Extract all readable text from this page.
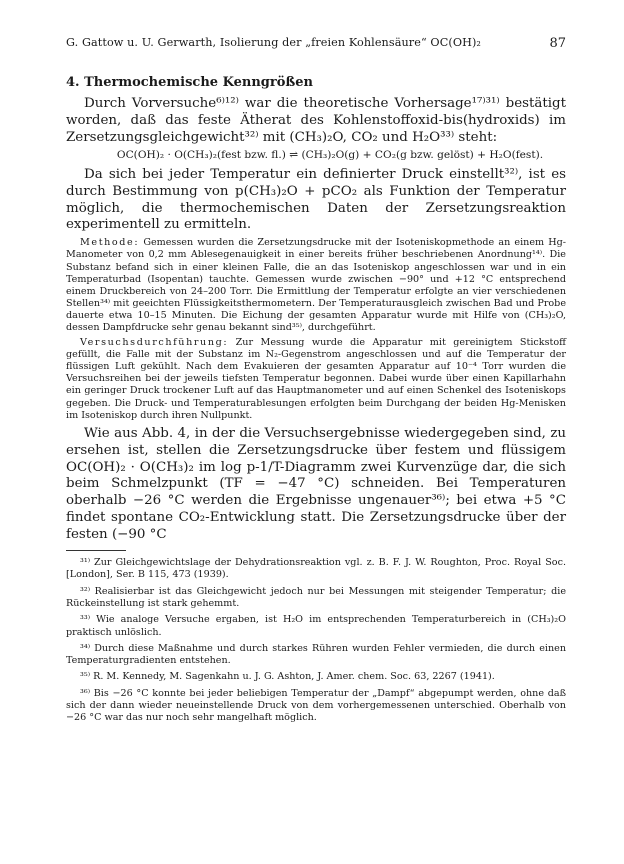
G. Gattow u. U. Gerwarth, Isolierung der „freien Kohlensäure“ OC(OH)₂	87
4. Thermochemische Kenngrößen

Durch Vorversuche⁶⁾¹²⁾ war die theoretische Vorhersage¹⁷⁾³¹⁾ bestätigt worden, daß das feste Ätherat des Kohlenstoffoxid-bis(hydroxids) im Zersetzungsgleichgewicht³²⁾ mit (CH₃)₂O, CO₂ und H₂O³³⁾ steht:

OC(OH)₂ · O(CH₃)₂(fest bzw. fl.) ⇌ (CH₃)₂O(g) + CO₂(g bzw. gelöst) + H₂O(fest).

Da sich bei jeder Temperatur ein definierter Druck einstellt³²⁾, ist es durch Bestimmung von p(CH₃)₂O + pCO₂ als Funktion der Temperatur möglich, die thermochemischen Daten der Zersetzungsreaktion experimentell zu ermitteln.

Methode: Gemessen wurden die Zersetzungsdrucke mit der Isoteniskopmethode an einem Hg-Manometer von 0,2 mm Ablesegenauigkeit in einer bereits früher beschriebenen Anordnung¹⁴⁾. Die Substanz befand sich in einer kleinen Falle, die an das Isoteniskop angeschlossen war und in ein Temperaturbad (Isopentan) tauchte. Gemessen wurde zwischen −90° und +12 °C entsprechend einem Druckbereich von 24–200 Torr. Die Ermittlung der Temperatur erfolgte an vier verschiedenen Stellen³⁴⁾ mit geeichten Flüssigkeitsthermometern. Der Temperaturausgleich zwischen Bad und Probe dauerte etwa 10–15 Minuten. Die Eichung der gesamten Apparatur wurde mit Hilfe von (CH₃)₂O, dessen Dampfdrucke sehr genau bekannt sind³⁵⁾, durchgeführt.

Versuchsdurchführung: Zur Messung wurde die Apparatur mit gereinigtem Stickstoff gefüllt, die Falle mit der Substanz im N₂-Gegenstrom angeschlossen und auf die Temperatur der flüssigen Luft gekühlt. Nach dem Evakuieren der gesamten Apparatur auf 10⁻⁴ Torr wurden die Versuchsreihen bei der jeweils tiefsten Temperatur begonnen. Dabei wurde über einen Kapillarhahn ein geringer Druck trockener Luft auf das Hauptmanometer und auf einen Schenkel des Isoteniskops gegeben. Die Druck- und Temperaturablesungen erfolgten beim Durchgang der beiden Hg-Menisken im Isoteniskop durch ihren Nullpunkt.

Wie aus Abb. 4, in der die Versuchsergebnisse wiedergegeben sind, zu ersehen ist, stellen die Zersetzungsdrucke über festem und flüssigem OC(OH)₂ · O(CH₃)₂ im log p-1/T-Diagramm zwei Kurvenzüge dar, die sich beim Schmelzpunkt (TF = −47 °C) schneiden. Bei Temperaturen oberhalb −26 °C werden die Ergebnisse ungenauer³⁶⁾; bei etwa +5 °C findet spontane CO₂-Entwicklung statt. Die Zersetzungsdrucke über der festen (−90 °C

³¹⁾ Zur Gleichgewichtslage der Dehydrationsreaktion vgl. z. B. F. J. W. Roughton, Proc. Royal Soc. [London], Ser. B 115, 473 (1939).

³²⁾ Realisierbar ist das Gleichgewicht jedoch nur bei Messungen mit steigender Temperatur; die Rückeinstellung ist stark gehemmt.

³³⁾ Wie analoge Versuche ergaben, ist H₂O im entsprechenden Temperaturbereich in (CH₃)₂O praktisch unlöslich.

³⁴⁾ Durch diese Maßnahme und durch starkes Rühren wurden Fehler vermieden, die durch einen Temperaturgradienten entstehen.

³⁵⁾ R. M. Kennedy, M. Sagenkahn u. J. G. Ashton, J. Amer. chem. Soc. 63, 2267 (1941).

³⁶⁾ Bis −26 °C konnte bei jeder beliebigen Temperatur der „Dampf“ abgepumpt werden, ohne daß sich der dann wieder neueinstellende Druck von dem vorhergemessenen unterschied. Oberhalb von −26 °C war das nur noch sehr mangelhaft möglich.
